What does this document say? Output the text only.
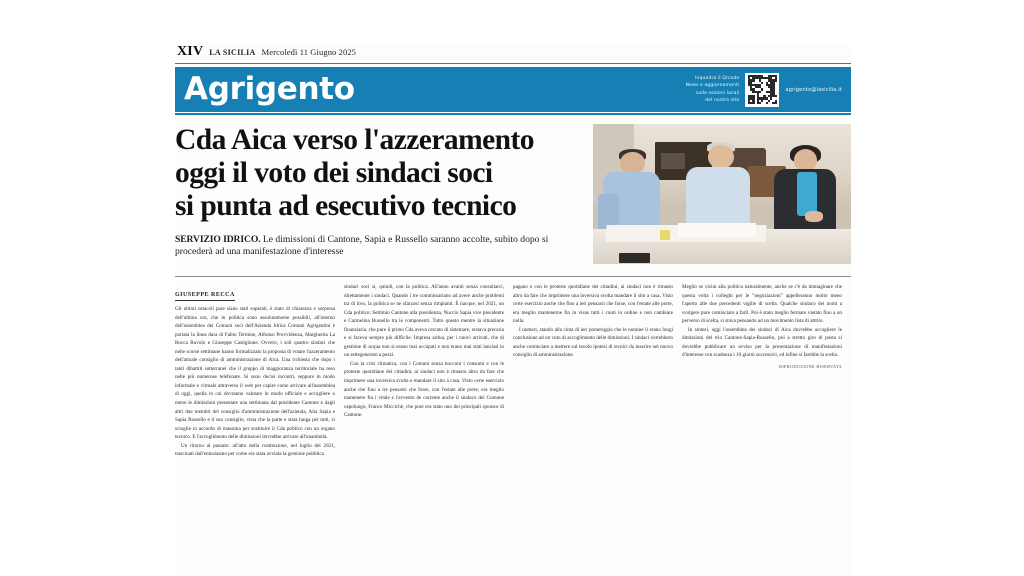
XIV LA SICILIA Mercoledì 11 Giugno 2025
Agrigento	Inquadra il Qrcode
News e aggiornamenti
sulle sezioni locali
del nostro sito
agrigento@lasicilia.it
Cda Aica verso l'azzeramento
oggi il voto dei sindaci soci
si punta ad esecutivo tecnico
SERVIZIO IDRICO. Le dimissioni di Cantone, Sapia e Russello saranno accolte, subito dopo si procederà ad una manifestazione d'interesse
GIUSEPPE RECCA

Gli ultimi ostacoli pare siano stati superati, è stato di chiarezza e sorpresa dell'ultima ora, che in politica sono assolutamente possibili, all'interno dell'assemblea dei Comuni soci dell'Azienda Idrica Comuni Agrigentini è portata la linea dura di Fabio Termine, Alfonso Provvidenza, Margherita La Rocca Ruvolo e Giuseppe Castiglione. Ovvero, i soli quattro sindaci che nelle scorse settimane hanno formalizzato la proposta di votare l'azzeramento dell'attuale consiglio di amministrazione di Aica. Una richiesta che dopo i tanti dibattiti sotterranei che il gruppo di maggioranza territoriale ha reso nelle più numerose telefonate. Si sono decisi incontri, seppure in modo informale e virtuale attraverso il web per capire come arrivare all'assemblea di oggi, quella in cui dovranno valutare in modo ufficiale e accogliere o meno le dimissioni presentate una settimana dal presidente Cantone e dagli altri due membri del consiglio d'amministrazione dell'azienda, Alia Sapia e Sapia Russello e il suo consiglio, vista che la parte e stata lunga per tutti, si scioglie in accordo di massima per sostituire il Cda politico con un organo tecnico. E l'accoglimento delle dimissioni dovrebbe arrivare all'unanimità.

Un ritorno al passato: all'atto della costituzione, nel luglio del 2021, trascinati dall'entusiasmo per come era stata avviata la gestione pubblica

sindaci soci si, quindi, con la politica. All'anno avanti senza consultarci, direttamente i sindaci. Quando i tre commissariano ad avere anche problemi tra di loro, la politica se ne sfarzosi senza rimpianti. È nacque, nel 2021, un Cda politico: Settimio Cantone alla presidenza, Nuccio Sapia vice presidente e Carmelina Russello tra le componenti. Tutto questo mentre la situazione finanziaria, che pure il primo Cda aveva cercato di sistemare, restava precaria e si faceva sempre più difficile. Impresa ardua, per i nuovi arrivati, che di gestione di acqua non si erano mai occupati e non erano mai stati lanciati in un settegenerato a pezzi.

Con la crisi climatica, con i Comuni senza bocconi i consumi e con le proteste quotidiane dei cittadini, ai sindaci non è rimasto altro da fare che imprimere una inversiva svolta e mandare il sito a casa. Visto certe esercizio anche che fino a tre pensarsi che forse, con l'estate alle porte, era meglio mantenere fra i vitale e l'avvento de corrente anche il sindaco del Comune capoluogo, Franco Miccichè, che pure era stato uno dei principali sponsor di Cantone.

pagano e con le proteste quotidiane dei cittadini, ai sindaci non è rimasto altro da fare che imprimere una inversiva svolta mandare il sito a casa. Visto certe esercizio anche che fino a ieri pensarsi che forse, con l'estate alle porte, era meglio mantenerne fin in visus tutti i conti in ordine e non cambiare nulla.

I numeri, stando alla cinta di ieri pomeriggio che le nomine li erano lungi conclusione ad un voto di accoglimento delle dimissioni. I sindaci vorrebbero anche cominciare a mettere sul tavolo ipotesi di tecnici da inserire nel nuovo consiglio di amministrazione.

Meglio se vicini alla politica naturalmente, anche se c'è da immaginare che questa volta i colleghi per le "negoziazioni" appelleranno molto meno l'aperto alle due precedenti vigilie di scelta. Qualche sindaco dei nomi a svolgere pure cominciato a farli. Poi è stato meglio fermare vietato fino a un perverso di scelta, si stava pensando ad un movimento lista di attrito.

In sintesi, oggi l'assemblea dei sindaci di Aica dovrebbe accogliere le dimissioni del trio Cantone-Sapia-Russello, poi a stretto giro di posta si dovrebbe pubblicare un avviso per la presentazione di manifestazioni d'interesse con scadenza i 10 giorni successivi, ed infine si farebbe la scelta.

RIPRODUZIONE RISERVATA
